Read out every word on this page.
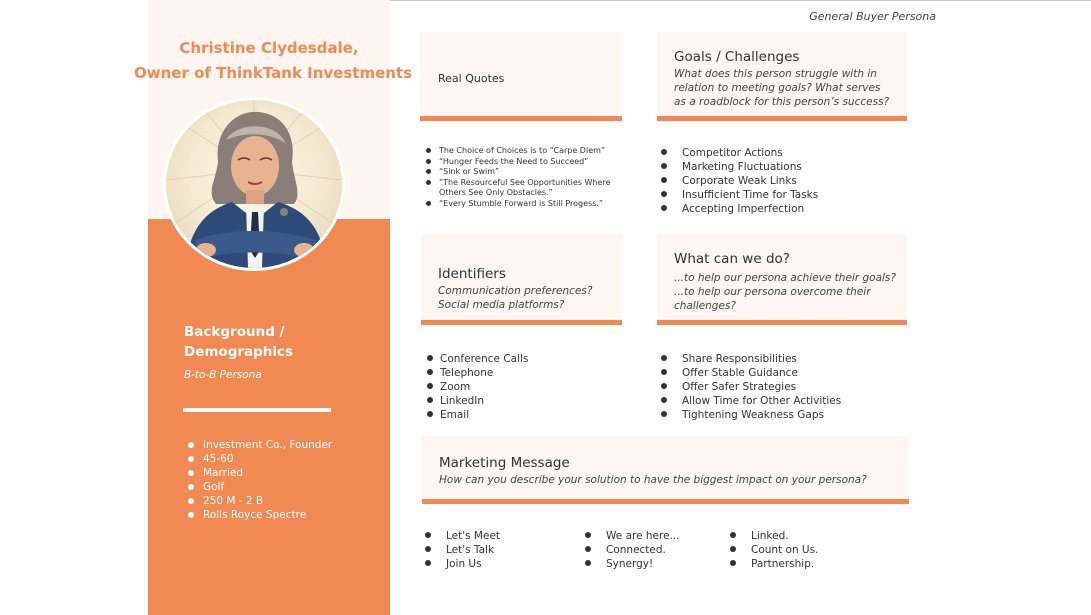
General Buyer Persona
Christine Clydesdale,
Owner of ThinkTank Investments
Background /
Demographics
B-to-B Persona
Investment Co., Founder
45-60
Married
Golf
250 M - 2 B
Rolls Royce Spectre
Real Quotes
The Choice of Choices is to “Carpe Diem”
“Hunger Feeds the Need to Succeed”
“Sink or Swim”
“The Resourceful See Opportunities Where
Others See Only Obstacles.”
“Every Stumble Forward is Still Progess.”
Goals / Challenges
What does this person struggle with in
relation to meeting goals? What serves
as a roadblock for this person’s success?
Competitor Actions
Marketing Fluctuations
Corporate Weak Links
Insufficient Time for Tasks
Accepting Imperfection
Identifiers
Communication preferences?
Social media platforms?
Conference Calls
Telephone
Zoom
LinkedIn
Email
What can we do?
...to help our persona achieve their goals?
...to help our persona overcome their
challenges?
Share Responsibilities
Offer Stable Guidance
Offer Safer Strategies
Allow Time for Other Activities
Tightening Weakness Gaps
Marketing Message
How can you describe your solution to have the biggest impact on your persona?
Let's Meet
Let's Talk
Join Us
We are here...
Connected.
Synergy!
Linked.
Count on Us.
Partnership.
